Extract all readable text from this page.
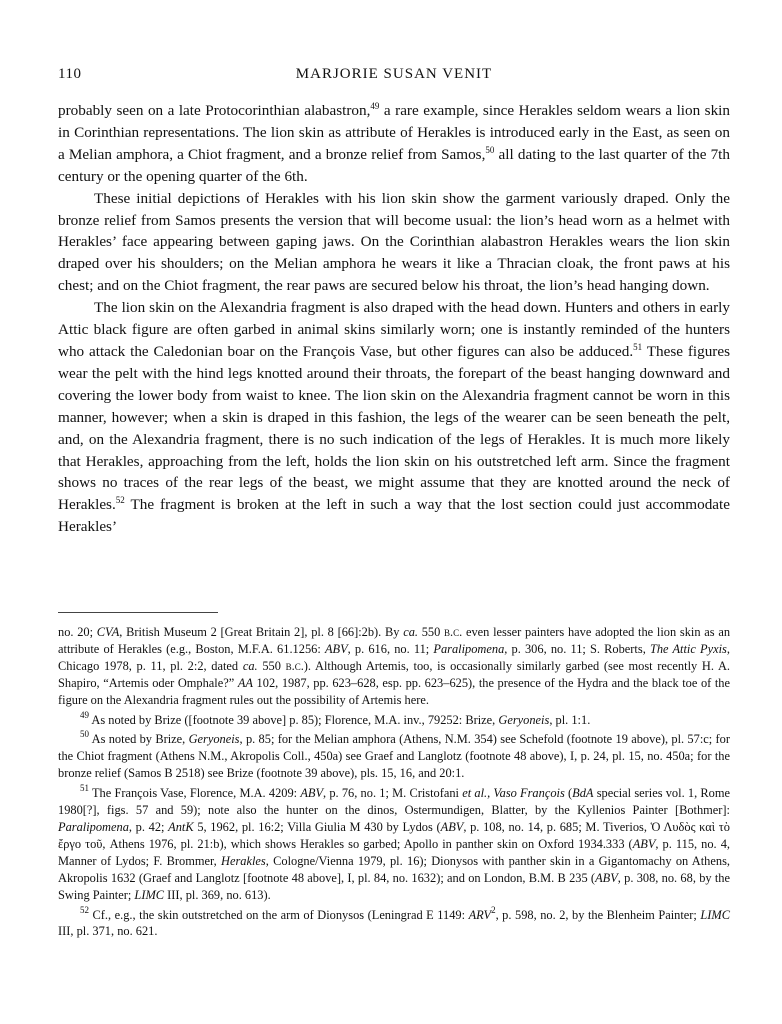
110	MARJORIE SUSAN VENIT

probably seen on a late Protocorinthian alabastron,$^{49}$ a rare example, since Herakles seldom wears a lion skin in Corinthian representations. The lion skin as attribute of Herakles is introduced early in the East, as seen on a Melian amphora, a Chiot fragment, and a bronze relief from Samos,$^{50}$ all dating to the last quarter of the 7th century or the opening quarter of the 6th.

These initial depictions of Herakles with his lion skin show the garment variously draped. Only the bronze relief from Samos presents the version that will become usual: the lion’s head worn as a helmet with Herakles’ face appearing between gaping jaws. On the Corinthian alabastron Herakles wears the lion skin draped over his shoulders; on the Melian amphora he wears it like a Thracian cloak, the front paws at his chest; and on the Chiot fragment, the rear paws are secured below his throat, the lion’s head hanging down.

The lion skin on the Alexandria fragment is also draped with the head down. Hunters and others in early Attic black figure are often garbed in animal skins similarly worn; one is instantly reminded of the hunters who attack the Caledonian boar on the François Vase, but other figures can also be adduced.$^{51}$ These figures wear the pelt with the hind legs knotted around their throats, the forepart of the beast hanging downward and covering the lower body from waist to knee. The lion skin on the Alexandria fragment cannot be worn in this manner, however; when a skin is draped in this fashion, the legs of the wearer can be seen beneath the pelt, and, on the Alexandria fragment, there is no such indication of the legs of Herakles. It is much more likely that Herakles, approaching from the left, holds the lion skin on his outstretched left arm. Since the fragment shows no traces of the rear legs of the beast, we might assume that they are knotted around the neck of Herakles.$^{52}$ The fragment is broken at the left in such a way that the lost section could just accommodate Herakles’

no. 20; CVA, British Museum 2 [Great Britain 2], pl. 8 [66]:2b). By ca. 550 b.c. even lesser painters have adopted the lion skin as an attribute of Herakles (e.g., Boston, M.F.A. 61.1256: ABV, p. 616, no. 11; Paralipomena, p. 306, no. 11; S. Roberts, The Attic Pyxis, Chicago 1978, p. 11, pl. 2:2, dated ca. 550 b.c.). Although Artemis, too, is occasionally similarly garbed (see most recently H. A. Shapiro, “Artemis oder Omphale?” AA 102, 1987, pp. 623–628, esp. pp. 623–625), the presence of the Hydra and the black toe of the figure on the Alexandria fragment rules out the possibility of Artemis here.

$^{49}$ As noted by Brize ([footnote 39 above] p. 85); Florence, M.A. inv., 79252: Brize, Geryoneis, pl. 1:1.

$^{50}$ As noted by Brize, Geryoneis, p. 85; for the Melian amphora (Athens, N.M. 354) see Schefold (footnote 19 above), pl. 57:c; for the Chiot fragment (Athens N.M., Akropolis Coll., 450a) see Graef and Langlotz (footnote 48 above), I, p. 24, pl. 15, no. 450a; for the bronze relief (Samos B 2518) see Brize (footnote 39 above), pls. 15, 16, and 20:1.

$^{51}$ The François Vase, Florence, M.A. 4209: ABV, p. 76, no. 1; M. Cristofani et al., Vaso François (BdA special series vol. 1, Rome 1980[?], figs. 57 and 59); note also the hunter on the dinos, Ostermundigen, Blatter, by the Kyllenios Painter [Bothmer]: Paralipomena, p. 42; AntK 5, 1962, pl. 16:2; Villa Giulia M 430 by Lydos (ABV, p. 108, no. 14, p. 685; M. Tiverios, Ὁ Λυδὸς καὶ τὸ ἔργο τοῦ, Athens 1976, pl. 21:b), which shows Herakles so garbed; Apollo in panther skin on Oxford 1934.333 (ABV, p. 115, no. 4, Manner of Lydos; F. Brommer, Herakles, Cologne/Vienna 1979, pl. 16); Dionysos with panther skin in a Gigantomachy on Athens, Akropolis 1632 (Graef and Langlotz [footnote 48 above], I, pl. 84, no. 1632); and on London, B.M. B 235 (ABV, p. 308, no. 68, by the Swing Painter; LIMC III, pl. 369, no. 613).

$^{52}$ Cf., e.g., the skin outstretched on the arm of Dionysos (Leningrad E 1149: ARV$^2$, p. 598, no. 2, by the Blenheim Painter; LIMC III, pl. 371, no. 621.
